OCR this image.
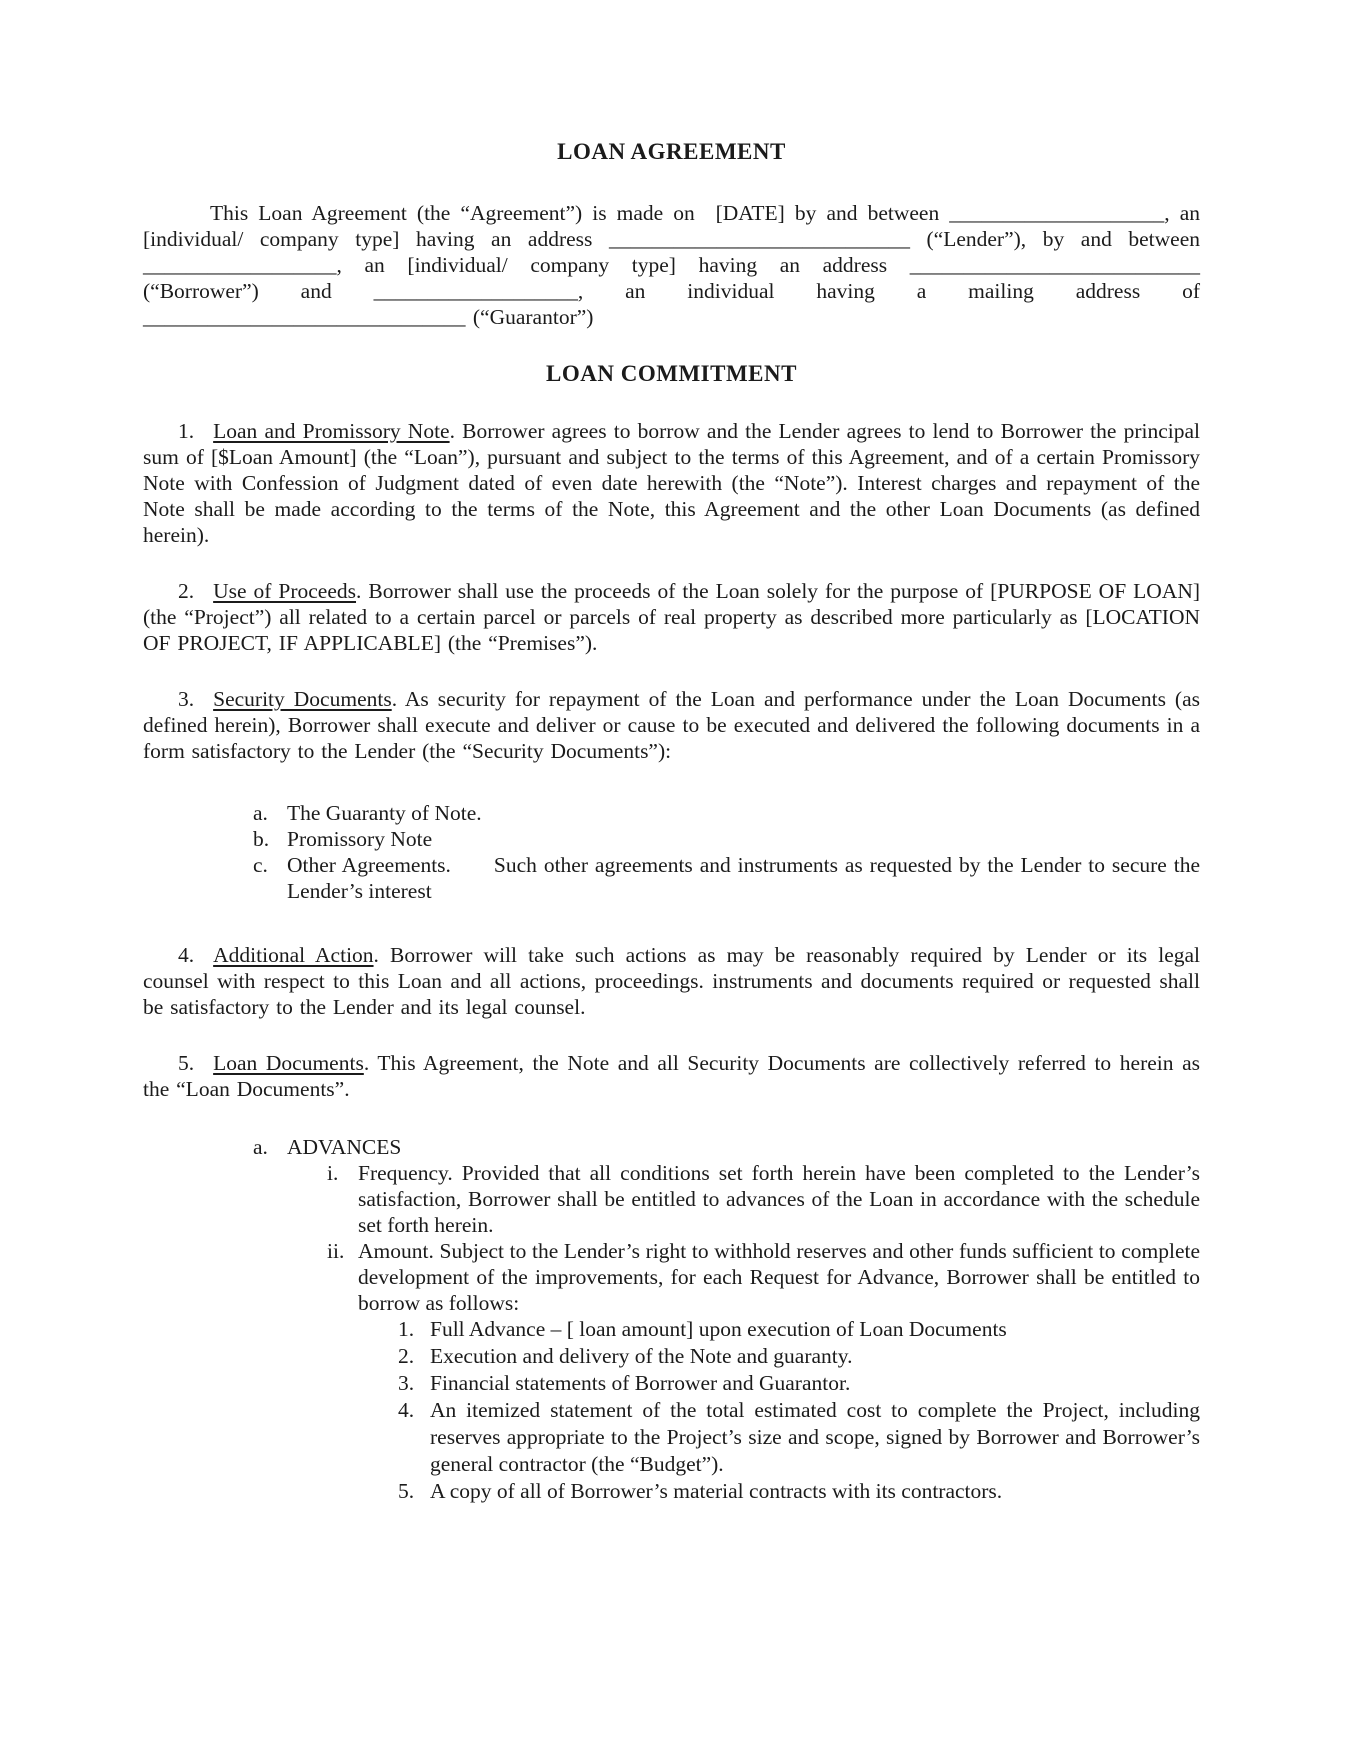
LOAN AGREEMENT

This Loan Agreement (the “Agreement”) is made on  [DATE] by and between ____________________, an [individual/ company type] having an address ____________________________ (“Lender”), by and between __________________, an [individual/ company type] having an address ___________________________ (“Borrower”) and ___________________, an individual having a mailing address of ______________________________ (“Guarantor”)

LOAN COMMITMENT

1. Loan and Promissory Note. Borrower agrees to borrow and the Lender agrees to lend to Borrower the principal sum of [$Loan Amount] (the “Loan”), pursuant and subject to the terms of this Agreement, and of a certain Promissory Note with Confession of Judgment dated of even date herewith (the “Note”). Interest charges and repayment of the Note shall be made according to the terms of the Note, this Agreement and the other Loan Documents (as defined herein).

2. Use of Proceeds. Borrower shall use the proceeds of the Loan solely for the purpose of [PURPOSE OF LOAN] (the “Project”) all related to a certain parcel or parcels of real property as described more particularly as [LOCATION OF PROJECT, IF APPLICABLE] (the “Premises”).

3. Security Documents. As security for repayment of the Loan and performance under the Loan Documents (as defined herein), Borrower shall execute and deliver or cause to be executed and delivered the following documents in a form satisfactory to the Lender (the “Security Documents”):

a. The Guaranty of Note.
b. Promissory Note
c. Other Agreements.  Such other agreements and instruments as requested by the Lender to secure the Lender’s interest

4. Additional Action. Borrower will take such actions as may be reasonably required by Lender or its legal counsel with respect to this Loan and all actions, proceedings. instruments and documents required or requested shall be satisfactory to the Lender and its legal counsel.

5. Loan Documents. This Agreement, the Note and all Security Documents are collectively referred to herein as the “Loan Documents”.

a. ADVANCES
i. Frequency. Provided that all conditions set forth herein have been completed to the Lender’s satisfaction, Borrower shall be entitled to advances of the Loan in accordance with the schedule set forth herein.
ii. Amount. Subject to the Lender’s right to withhold reserves and other funds sufficient to complete development of the improvements, for each Request for Advance, Borrower shall be entitled to borrow as follows:
1. Full Advance – [ loan amount] upon execution of Loan Documents
2. Execution and delivery of the Note and guaranty.
3. Financial statements of Borrower and Guarantor.
4. An itemized statement of the total estimated cost to complete the Project, including reserves appropriate to the Project’s size and scope, signed by Borrower and Borrower’s general contractor (the “Budget”).
5. A copy of all of Borrower’s material contracts with its contractors.
